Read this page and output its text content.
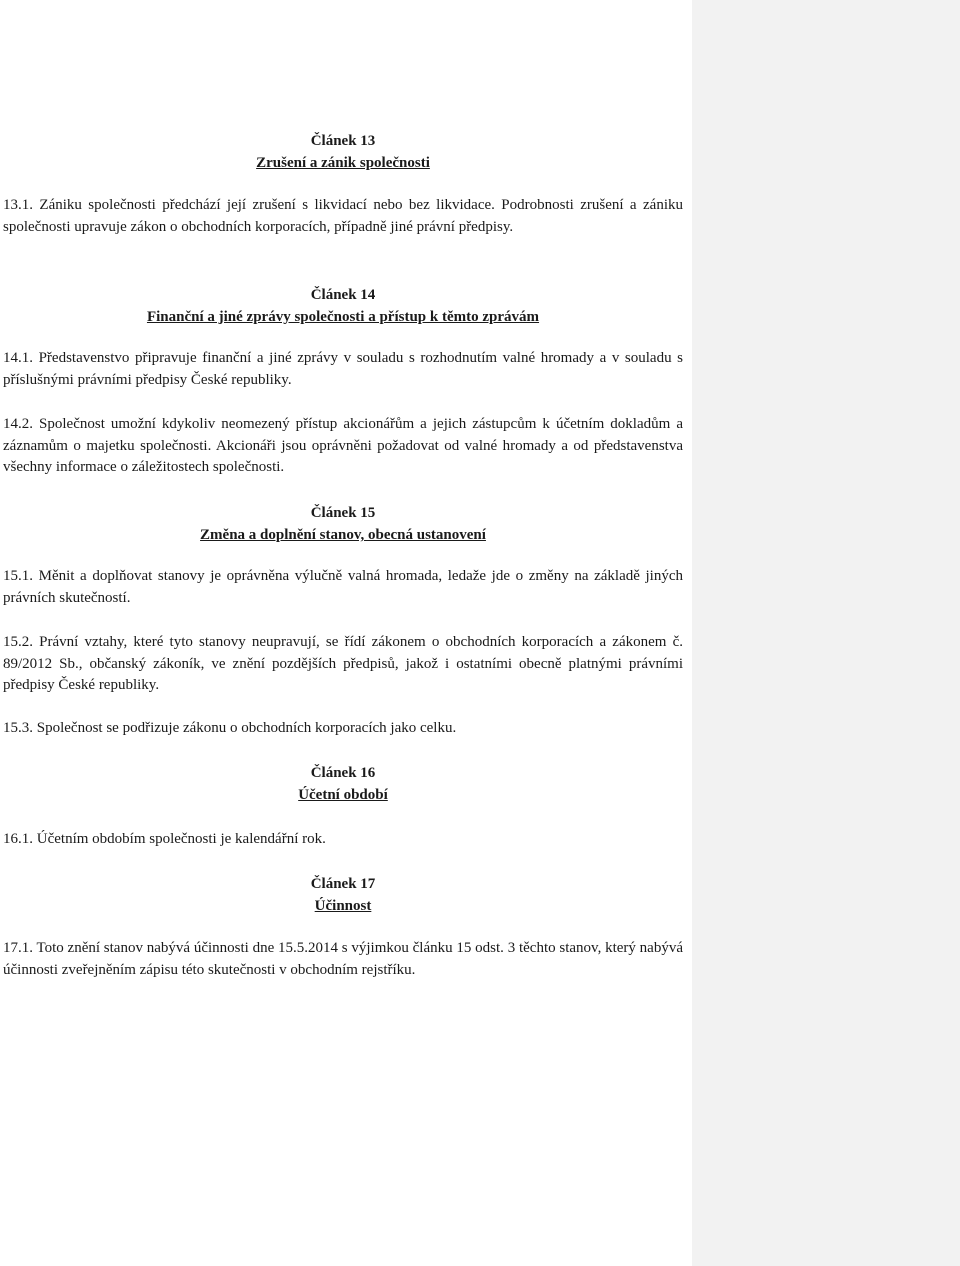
Článek 13
Zrušení a zánik společnosti
13.1. Zániku společnosti předchází její zrušení s likvidací nebo bez likvidace. Podrobnosti zrušení a zániku společnosti upravuje zákon o obchodních korporacích, případně jiné právní předpisy.
Článek 14
Finanční a jiné zprávy společnosti a přístup k těmto zprávám
14.1. Představenstvo připravuje finanční a jiné zprávy v souladu s rozhodnutím valné hromady a v souladu s příslušnými právními předpisy České republiky.
14.2. Společnost umožní kdykoliv neomezený přístup akcionářům a jejich zástupcům k účetním dokladům a záznamům o majetku společnosti. Akcionáři jsou oprávněni požadovat od valné hromady a od představenstva všechny informace o záležitostech společnosti.
Článek 15
Změna a doplnění stanov, obecná ustanovení
15.1. Měnit a doplňovat stanovy je oprávněna výlučně valná hromada, ledaže jde o změny na základě jiných právních skutečností.
15.2. Právní vztahy, které tyto stanovy neupravují, se řídí zákonem o obchodních korporacích a zákonem č. 89/2012 Sb., občanský zákoník, ve znění pozdějších předpisů, jakož i ostatními obecně platnými právními předpisy České republiky.
15.3. Společnost se podřizuje zákonu o obchodních korporacích jako celku.
Článek 16
Účetní období
16.1. Účetním obdobím společnosti je kalendářní rok.
Článek 17
Účinnost
17.1. Toto znění stanov nabývá účinnosti dne 15.5.2014 s výjimkou článku 15 odst. 3 těchto stanov, který nabývá účinnosti zveřejněním zápisu této skutečnosti v obchodním rejstříku.
